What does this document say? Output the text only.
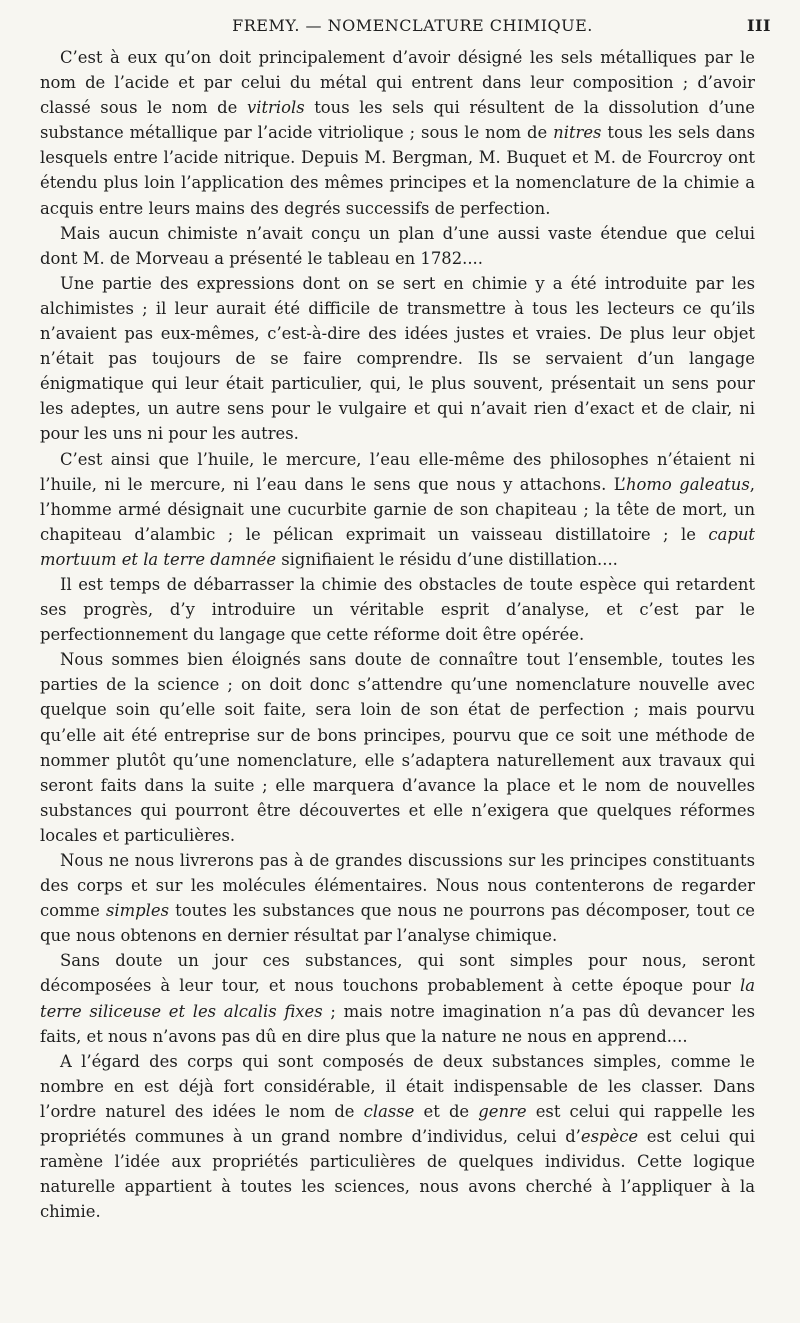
FREMY. — NOMENCLATURE CHIMIQUE.	III

C’est à eux qu’on doit principalement d’avoir désigné les sels métalliques par le nom de l’acide et par celui du métal qui entrent dans leur composition ; d’avoir classé sous le nom de vitriols tous les sels qui résultent de la dissolution d’une substance métallique par l’acide vitriolique ; sous le nom de nitres tous les sels dans lesquels entre l’acide nitrique. Depuis M. Bergman, M. Buquet et M. de Fourcroy ont étendu plus loin l’application des mêmes principes et la nomenclature de la chimie a acquis entre leurs mains des degrés successifs de perfection.

Mais aucun chimiste n’avait conçu un plan d’une aussi vaste étendue que celui dont M. de Morveau a présenté le tableau en 1782....

Une partie des expressions dont on se sert en chimie y a été introduite par les alchimistes ; il leur aurait été difficile de transmettre à tous les lecteurs ce qu’ils n’avaient pas eux-mêmes, c’est-à-dire des idées justes et vraies. De plus leur objet n’était pas toujours de se faire comprendre. Ils se servaient d’un langage énigmatique qui leur était particulier, qui, le plus souvent, présentait un sens pour les adeptes, un autre sens pour le vulgaire et qui n’avait rien d’exact et de clair, ni pour les uns ni pour les autres.

C’est ainsi que l’huile, le mercure, l’eau elle-même des philosophes n’étaient ni l’huile, ni le mercure, ni l’eau dans le sens que nous y attachons. L’homo galeatus, l’homme armé désignait une cucurbite garnie de son chapiteau ; la tête de mort, un chapiteau d’alambic ; le pélican exprimait un vaisseau distillatoire ; le caput mortuum et la terre damnée signifiaient le résidu d’une distillation....

Il est temps de débarrasser la chimie des obstacles de toute espèce qui retardent ses progrès, d’y introduire un véritable esprit d’analyse, et c’est par le perfectionnement du langage que cette réforme doit être opérée.

Nous sommes bien éloignés sans doute de connaître tout l’ensemble, toutes les parties de la science ; on doit donc s’attendre qu’une nomenclature nouvelle avec quelque soin qu’elle soit faite, sera loin de son état de perfection ; mais pourvu qu’elle ait été entreprise sur de bons principes, pourvu que ce soit une méthode de nommer plutôt qu’une nomenclature, elle s’adaptera naturellement aux travaux qui seront faits dans la suite ; elle marquera d’avance la place et le nom de nouvelles substances qui pourront être découvertes et elle n’exigera que quelques réformes locales et particulières.

Nous ne nous livrerons pas à de grandes discussions sur les principes constituants des corps et sur les molécules élémentaires. Nous nous contenterons de regarder comme simples toutes les substances que nous ne pourrons pas décomposer, tout ce que nous obtenons en dernier résultat par l’analyse chimique.

Sans doute un jour ces substances, qui sont simples pour nous, seront décomposées à leur tour, et nous touchons probablement à cette époque pour la terre siliceuse et les alcalis fixes ; mais notre imagination n’a pas dû devancer les faits, et nous n’avons pas dû en dire plus que la nature ne nous en apprend....

A l’égard des corps qui sont composés de deux substances simples, comme le nombre en est déjà fort considérable, il était indispensable de les classer. Dans l’ordre naturel des idées le nom de classe et de genre est celui qui rappelle les propriétés communes à un grand nombre d’individus, celui d’espèce est celui qui ramène l’idée aux propriétés particulières de quelques individus. Cette logique naturelle appartient à toutes les sciences, nous avons cherché à l’appliquer à la chimie.
